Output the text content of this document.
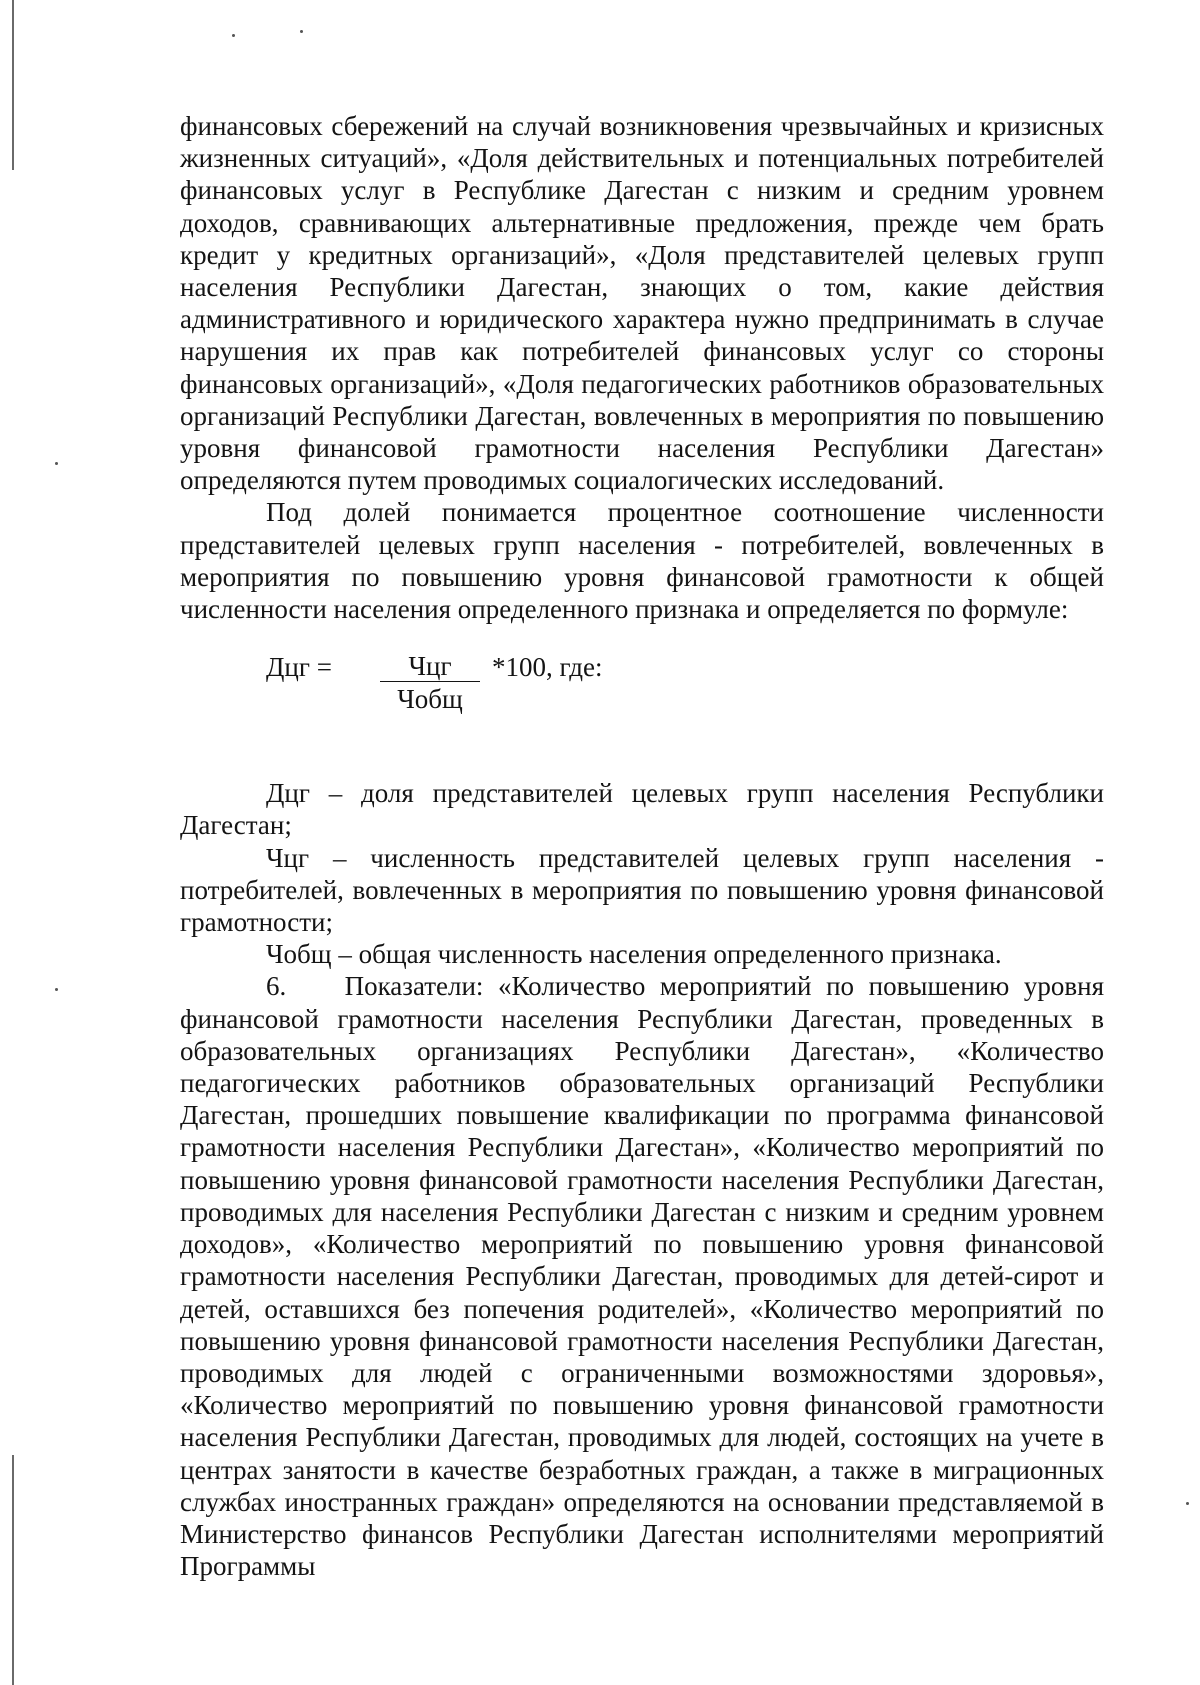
финансовых сбережений на случай возникновения чрезвычайных и кризисных жизненных ситуаций», «Доля действительных и потенциальных потребителей финансовых услуг в Республике Дагестан с низким и средним уровнем доходов, сравнивающих альтернативные предложения, прежде чем брать кредит у кредитных организаций», «Доля представителей целевых групп населения Республики Дагестан, знающих о том, какие действия административного и юридического характера нужно предпринимать в случае нарушения их прав как потребителей финансовых услуг со стороны финансовых организаций», «Доля педагогических работников образовательных организаций Республики Дагестан, вовлеченных в мероприятия по повышению уровня финансовой грамотности населения Республики Дагестан» определяются путем проводимых социалогических исследований.

Под долей понимается процентное соотношение численности представителей целевых групп населения - потребителей, вовлеченных в мероприятия по повышению уровня финансовой грамотности к общей численности населения определенного признака и определяется по формуле:

Дцг =	Чцг
Чобщ
*100, где:

Дцг – доля представителей целевых групп населения Республики Дагестан;

Чцг – численность представителей целевых групп населения - потребителей, вовлеченных в мероприятия по повышению уровня финансовой грамотности;

Чобщ – общая численность населения определенного признака.

6.    Показатели: «Количество мероприятий по повышению уровня финансовой грамотности населения Республики Дагестан, проведенных в образовательных организациях Республики Дагестан», «Количество педагогических работников образовательных организаций Республики Дагестан, прошедших повышение квалификации по программа финансовой грамотности населения Республики Дагестан», «Количество мероприятий по повышению уровня финансовой грамотности населения Республики Дагестан, проводимых для населения Республики Дагестан с низким и средним уровнем доходов», «Количество мероприятий по повышению уровня финансовой грамотности населения Республики Дагестан, проводимых для детей-сирот и детей, оставшихся без попечения родителей», «Количество мероприятий по повышению уровня финансовой грамотности населения Республики Дагестан, проводимых для людей с ограниченными возможностями здоровья», «Количество мероприятий по повышению уровня финансовой грамотности населения Республики Дагестан, проводимых для людей, состоящих на учете в центрах занятости в качестве безработных граждан, а также в миграционных службах иностранных граждан» определяются на основании представляемой в Министерство финансов Республики Дагестан исполнителями мероприятий Программы
